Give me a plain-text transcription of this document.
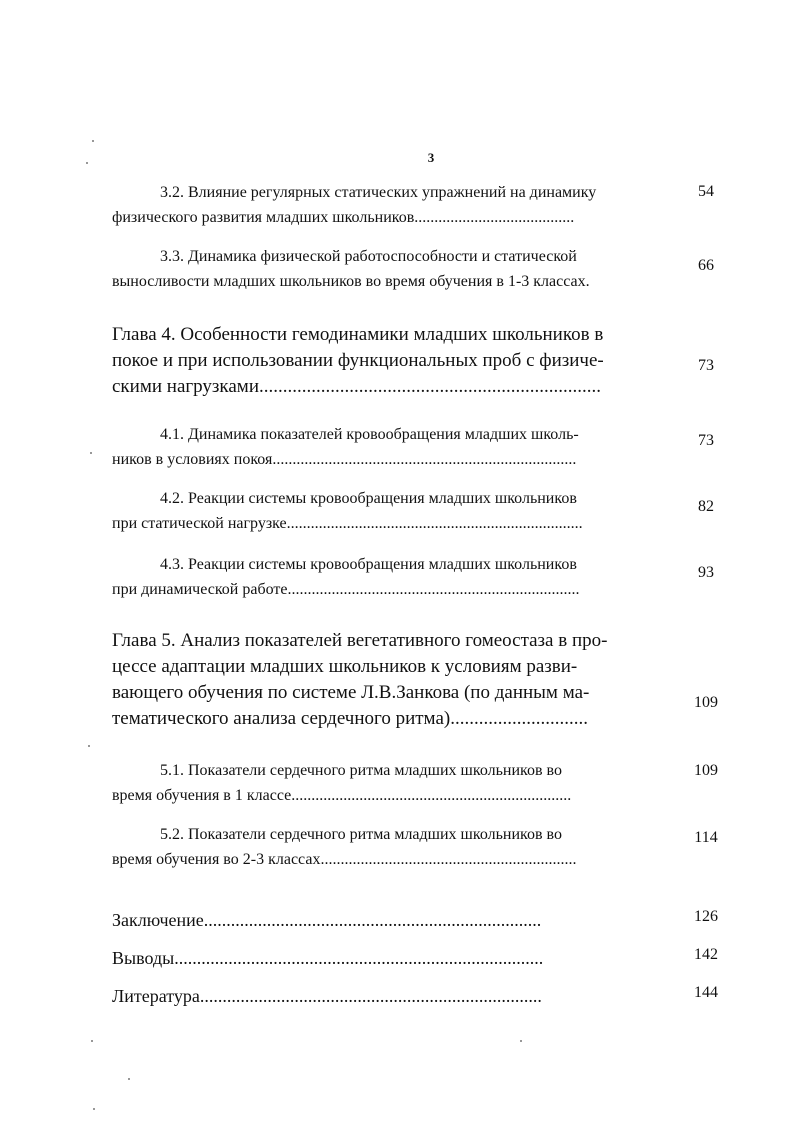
3
3.2. Влияние регулярных статических упражнений на динамику
физического развития младших школьников........................................
54
3.3. Динамика физической работоспособности и статической
выносливости младших школьников во время обучения в 1-3 классах.
66
Глава 4. Особенности гемодинамики младших школьников в
покое и при использовании функциональных проб с физиче-
скими нагрузками........................................................................
73
4.1. Динамика показателей кровообращения младших школь-
ников в условиях покоя............................................................................
73
4.2. Реакции системы кровообращения младших школьников
при статической нагрузке..........................................................................
82
4.3. Реакции системы кровообращения младших школьников
при динамической работе.........................................................................
93
Глава 5. Анализ показателей вегетативного гомеостаза в про-
цессе адаптации младших школьников к условиям разви-
вающего обучения по системе Л.В.Занкова (по данным ма-
тематического анализа сердечного ритма).............................
109
5.1. Показатели сердечного ритма младших школьников во
время обучения в 1 классе......................................................................
109
5.2. Показатели сердечного ритма младших школьников во
время обучения во 2-3 классах................................................................
114
Заключение...........................................................................	126
Выводы..................................................................................	142
Литература............................................................................	144
